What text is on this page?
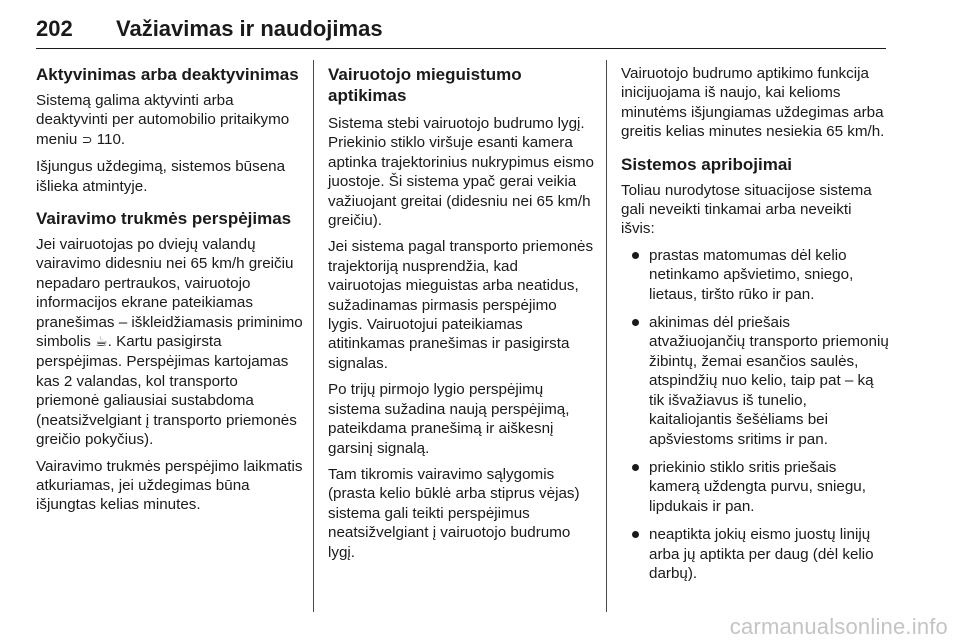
202	Važiavimas ir naudojimas
Aktyvinimas arba deaktyvinimas

Sistemą galima aktyvinti arba deaktyvinti per automobilio pritaikymo meniu ⊃ 110.

Išjungus uždegimą, sistemos būsena išlieka atmintyje.

Vairavimo trukmės perspėjimas

Jei vairuotojas po dviejų valandų vairavimo didesniu nei 65 km/h greičiu nepadaro pertraukos, vairuotojo informacijos ekrane pateikiamas pranešimas – iškleidžiamasis priminimo simbolis ☕. Kartu pasigirsta perspėjimas. Perspėjimas kartojamas kas 2 valandas, kol transporto priemonė galiausiai sustabdoma (neatsižvelgiant į transporto priemonės greičio pokyčius).

Vairavimo trukmės perspėjimo laikmatis atkuriamas, jei uždegimas būna išjungtas kelias minutes.

Vairuotojo mieguistumo aptikimas

Sistema stebi vairuotojo budrumo lygį. Priekinio stiklo viršuje esanti kamera aptinka trajektorinius nukrypimus eismo juostoje. Ši sistema ypač gerai veikia važiuojant greitai (didesniu nei 65 km/h greičiu).

Jei sistema pagal transporto priemonės trajektoriją nusprendžia, kad vairuotojas mieguistas arba neatidus, sužadinamas pirmasis perspėjimo lygis. Vairuotojui pateikiamas atitinkamas pranešimas ir pasigirsta signalas.

Po trijų pirmojo lygio perspėjimų sistema sužadina naują perspėjimą, pateikdama pranešimą ir aiškesnį garsinį signalą.

Tam tikromis vairavimo sąlygomis (prasta kelio būklė arba stiprus vėjas) sistema gali teikti perspėjimus neatsižvelgiant į vairuotojo budrumo lygį.

Vairuotojo budrumo aptikimo funkcija inicijuojama iš naujo, kai kelioms minutėms išjungiamas uždegimas arba greitis kelias minutes nesiekia 65 km/h.

Sistemos apribojimai

Toliau nurodytose situacijose sistema gali neveikti tinkamai arba neveikti išvis:

prastas matomumas dėl kelio netinkamo apšvietimo, sniego, lietaus, tiršto rūko ir pan.
akinimas dėl priešais atvažiuojančių transporto priemonių žibintų, žemai esančios saulės, atspindžių nuo kelio, taip pat – ką tik išvažiavus iš tunelio, kaitaliojantis šešėliams bei apšviestoms sritims ir pan.
priekinio stiklo sritis priešais kamerą uždengta purvu, sniegu, lipdukais ir pan.
neaptikta jokių eismo juostų linijų arba jų aptikta per daug (dėl kelio darbų).
carmanualsonline.info
